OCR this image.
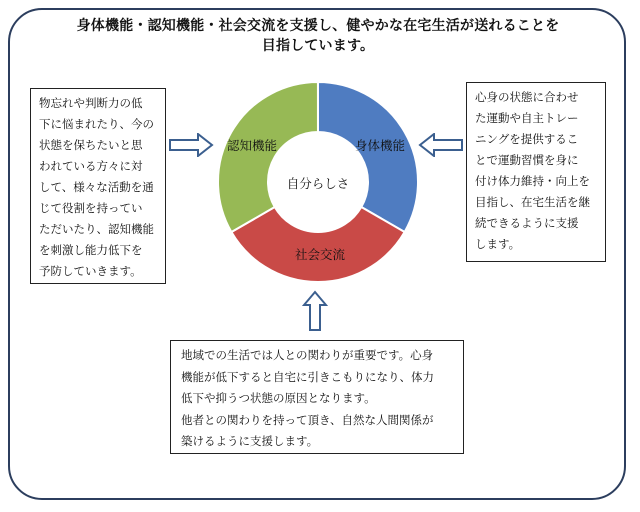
身体機能・認知機能・社会交流を支援し、健やかな在宅生活が送れることを
目指しています。
物忘れや判断力の低
下に悩まれたり、今の
状態を保ちたいと思
われている方々に対
して、様々な活動を通
じて役割を持ってい
ただいたり、認知機能
を刺激し能力低下を
予防していきます。
心身の状態に合わせ
た運動や自主トレー
ニングを提供するこ
とで運動習慣を身に
付け体力維持・向上を
目指し、在宅生活を継
続できるように支援
します。
地域での生活では人との関わりが重要です。心身
機能が低下すると自宅に引きこもりになり、体力
低下や抑うつ状態の原因となります。
他者との関わりを持って頂き、自然な人間関係が
築けるように支援します。
自分らしさ
身体機能
社会交流
認知機能
